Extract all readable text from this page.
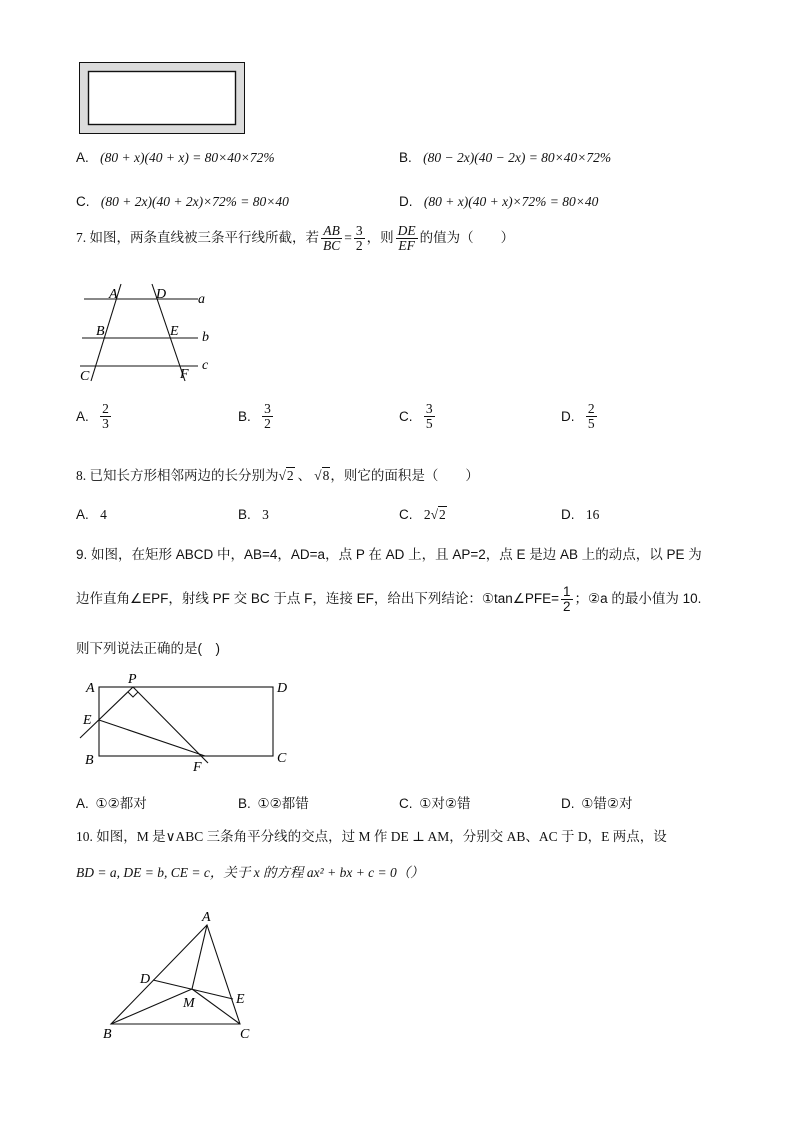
A. (80 + x)(40 + x) = 80×40×72%	B. (80 − 2x)(40 − 2x) = 80×40×72%
C. (80 + 2x)(40 + 2x)×72% = 80×40	D. (80 + x)(40 + x)×72% = 80×40
7. 如图，两条直线被三条平行线所截，若 $\frac{AB}{BC} = \frac{3}{2}$ ，则 $\frac{DE}{EF}$ 的值为（　　）
A	D a
B	E b
C	F
c
A. $\frac{2}{3}$	B. $\frac{3}{2}$	C. $\frac{3}{5}$	D. $\frac{2}{5}$
8. 已知长方形相邻两边的长分别为√2 、 √8，则它的面积是（　　）
A. 4	B. 3	C. 2√2	D. 16
9. 如图，在矩形 ABCD 中，AB=4，AD=a，点 P 在 AD 上，且 AP=2，点 E 是边 AB 上的动点，以 PE 为
边作直角∠EPF，射线 PF 交 BC 于点 F，连接 EF，给出下列结论：①tan∠PFE= $\frac{1}{2}$ ；②a 的最小值为 10.
则下列说法正确的是(　)
A
P
D
E
B	F
C
A. ①②都对	B. ①②都错	C. ①对②错	D. ①错②对
10. 如图，M 是∨ABC 三条角平分线的交点，过 M 作 DE ⊥ AM，分别交 AB、AC 于 D，E 两点，设
BD = a, DE = b, CE = c，关于 x 的方程 ax² + bx + c = 0（）
A
D
M	E
B	C
